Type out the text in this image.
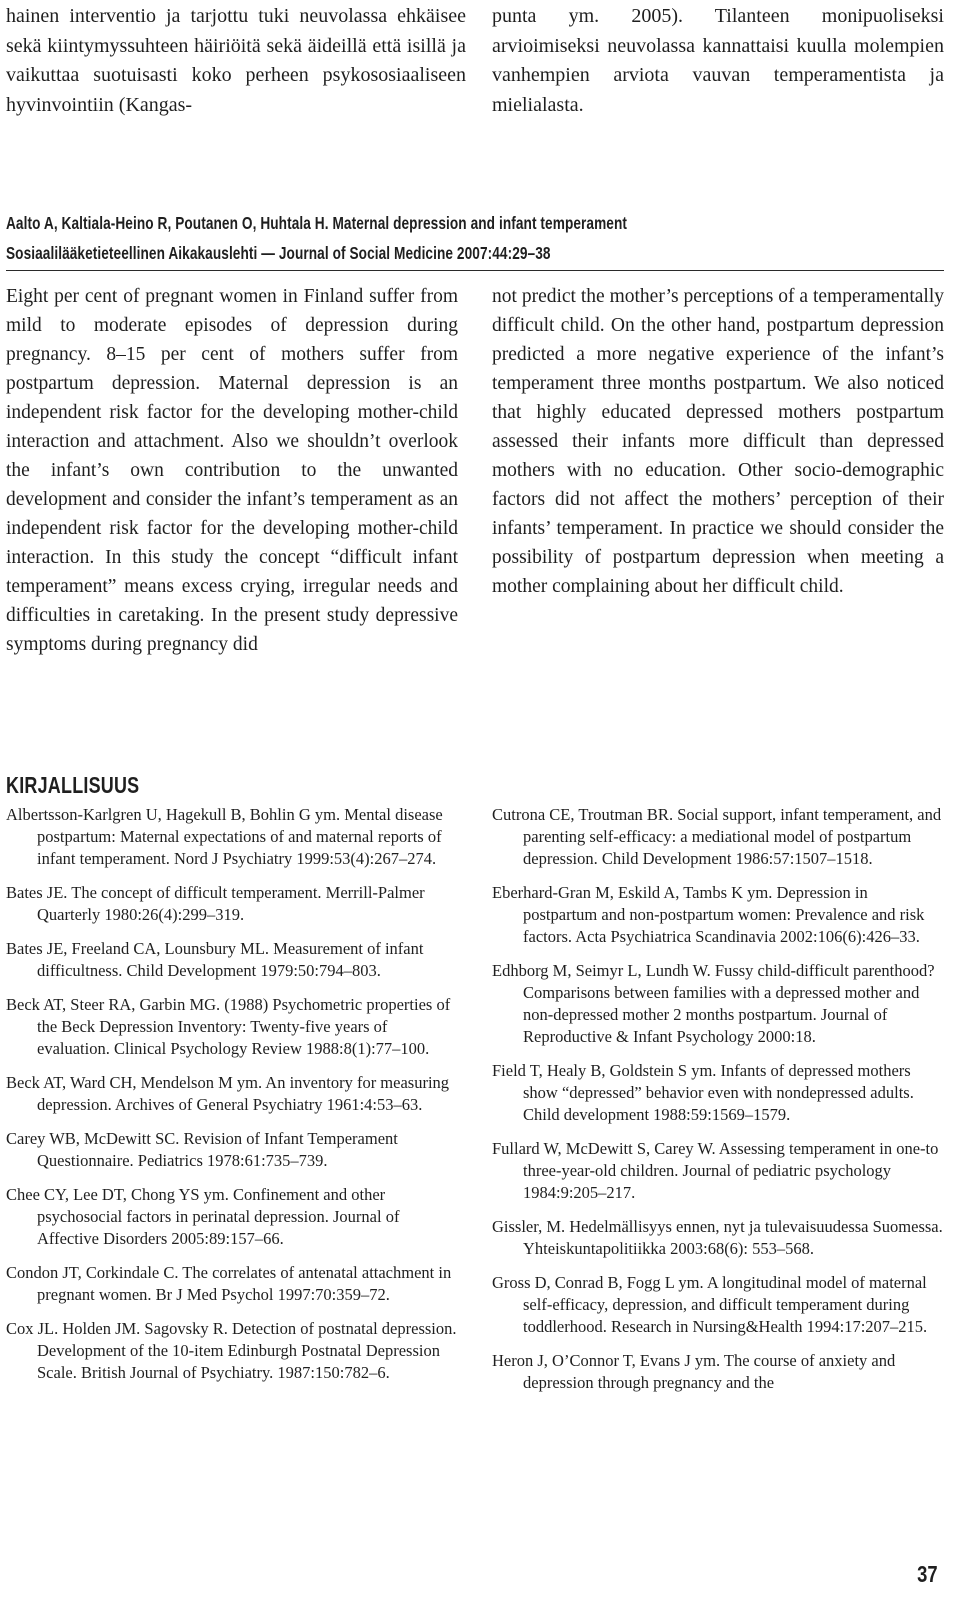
hainen interventio ja tarjottu tuki neuvolassa ehkäisee sekä kiintymyssuhteen häiriöitä sekä äideillä että isillä ja vaikuttaa suotuisasti koko perheen psykososiaaliseen hyvinvointiin (Kangas-
punta ym. 2005). Tilanteen monipuoliseksi arvioimiseksi neuvolassa kannattaisi kuulla molempien vanhempien arviota vauvan temperamentista ja mielialasta.
Aalto A, Kaltiala-Heino R, Poutanen O, Huhtala H. Maternal depression and infant temperament
Sosiaalilääketieteellinen Aikakauslehti — Journal of Social Medicine 2007:44:29–38
Eight per cent of pregnant women in Finland suffer from mild to moderate episodes of depression during pregnancy. 8–15 per cent of mothers suffer from postpartum depression. Maternal depression is an independent risk factor for the developing mother-child interaction and attachment. Also we shouldn’t overlook the infant’s own contribution to the unwanted development and consider the infant’s temperament as an independent risk factor for the developing mother-child interaction. In this study the concept “difficult infant temperament” means excess crying, irregular needs and difficulties in caretaking. In the present study depressive symptoms during pregnancy did
not predict the mother’s perceptions of a temperamentally difficult child. On the other hand, postpartum depression predicted a more negative experience of the infant’s temperament three months postpartum. We also noticed that highly educated depressed mothers postpartum assessed their infants more difficult than depressed mothers with no education. Other socio-demographic factors did not affect the mothers’ perception of their infants’ temperament. In practice we should consider the possibility of postpartum depression when meeting a mother complaining about her difficult child.
KIRJALLISUUS

Albertsson-Karlgren U, Hagekull B, Bohlin G ym. Mental disease postpartum: Maternal expectations of and maternal reports of infant temperament. Nord J Psychiatry 1999:53(4):267–274.

Bates JE. The concept of difficult temperament. Merrill-Palmer Quarterly 1980:26(4):299–319.

Bates JE, Freeland CA, Lounsbury ML. Measurement of infant difficultness. Child Development 1979:50:794–803.

Beck AT, Steer RA, Garbin MG. (1988) Psychometric properties of the Beck Depression Inventory: Twenty-five years of evaluation. Clinical Psychology Review 1988:8(1):77–100.

Beck AT, Ward CH, Mendelson M ym. An inventory for measuring depression. Archives of General Psychiatry 1961:4:53–63.

Carey WB, McDewitt SC. Revision of Infant Temperament Questionnaire. Pediatrics 1978:61:735–739.

Chee CY, Lee DT, Chong YS ym. Confinement and other psychosocial factors in perinatal depression. Journal of Affective Disorders 2005:89:157–66.

Condon JT, Corkindale C. The correlates of antenatal attachment in pregnant women. Br J Med Psychol 1997:70:359–72.

Cox JL. Holden JM. Sagovsky R. Detection of postnatal depression. Development of the 10-item Edinburgh Postnatal Depression Scale. British Journal of Psychiatry. 1987:150:782–6.

Cutrona CE, Troutman BR. Social support, infant temperament, and parenting self-efficacy: a mediational model of postpartum depression. Child Development 1986:57:1507–1518.

Eberhard-Gran M, Eskild A, Tambs K ym. Depression in postpartum and non-postpartum women: Prevalence and risk factors. Acta Psychiatrica Scandinavia 2002:106(6):426–33.

Edhborg M, Seimyr L, Lundh W. Fussy child-difficult parenthood? Comparisons between families with a depressed mother and non-depressed mother 2 months postpartum. Journal of Reproductive & Infant Psychology 2000:18.

Field T, Healy B, Goldstein S ym. Infants of depressed mothers show “depressed” behavior even with nondepressed adults. Child development 1988:59:1569–1579.

Fullard W, McDewitt S, Carey W. Assessing temperament in one-to three-year-old children. Journal of pediatric psychology 1984:9:205–217.

Gissler, M. Hedelmällisyys ennen, nyt ja tulevaisuudessa Suomessa. Yhteiskuntapolitiikka 2003:68(6): 553–568.

Gross D, Conrad B, Fogg L ym. A longitudinal model of maternal self-efficacy, depression, and difficult temperament during toddlerhood. Research in Nursing&Health 1994:17:207–215.

Heron J, O’Connor T, Evans J ym. The course of anxiety and depression through pregnancy and the

37
